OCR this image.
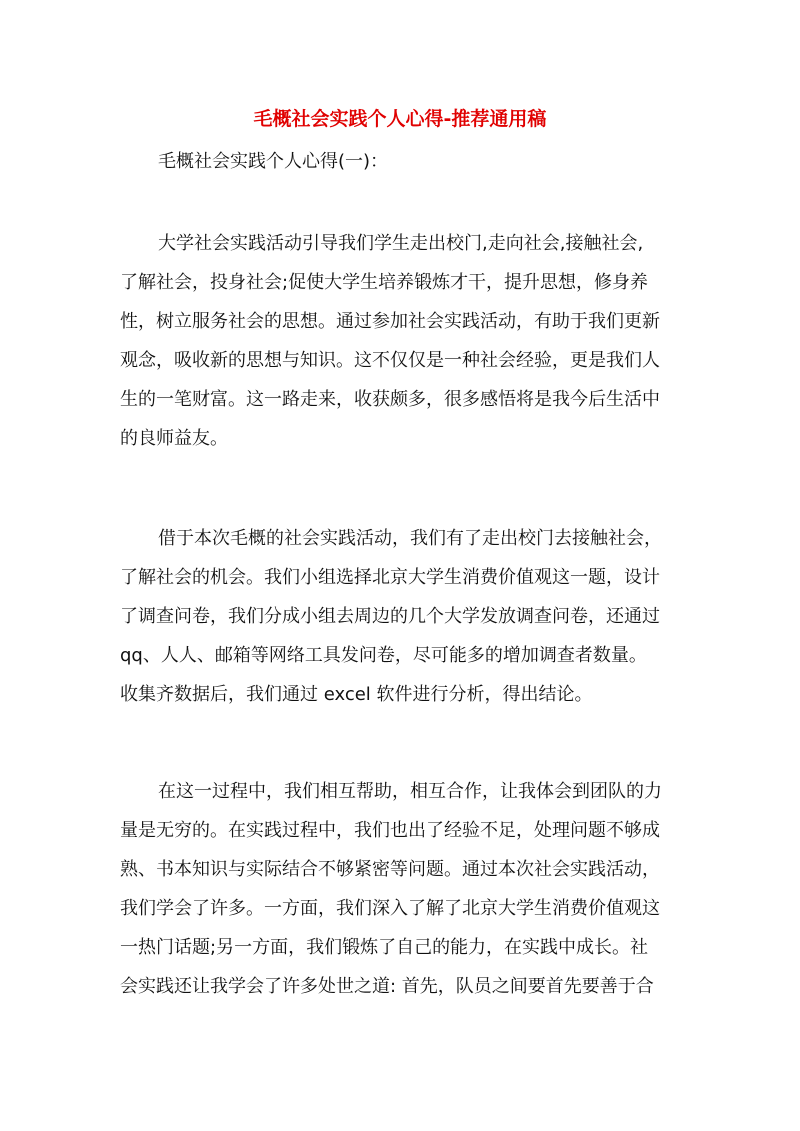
毛概社会实践个人心得-推荐通用稿
毛概社会实践个人心得(一)：
大学社会实践活动引导我们学生走出校门,走向社会,接触社会,
了解社会，投身社会;促使大学生培养锻炼才干，提升思想，修身养
性，树立服务社会的思想。通过参加社会实践活动，有助于我们更新
观念，吸收新的思想与知识。这不仅仅是一种社会经验，更是我们人
生的一笔财富。这一路走来，收获颇多，很多感悟将是我今后生活中
的良师益友。
借于本次毛概的社会实践活动，我们有了走出校门去接触社会，
了解社会的机会。我们小组选择北京大学生消费价值观这一题，设计
了调查问卷，我们分成小组去周边的几个大学发放调查问卷，还通过
qq、人人、邮箱等网络工具发问卷，尽可能多的增加调查者数量。
收集齐数据后，我们通过 excel 软件进行分析，得出结论。
在这一过程中，我们相互帮助，相互合作，让我体会到团队的力
量是无穷的。在实践过程中，我们也出了经验不足，处理问题不够成
熟、书本知识与实际结合不够紧密等问题。通过本次社会实践活动，
我们学会了许多。一方面，我们深入了解了北京大学生消费价值观这
一热门话题;另一方面，我们锻炼了自己的能力，在实践中成长。社
会实践还让我学会了许多处世之道: 首先，队员之间要首先要善于合
